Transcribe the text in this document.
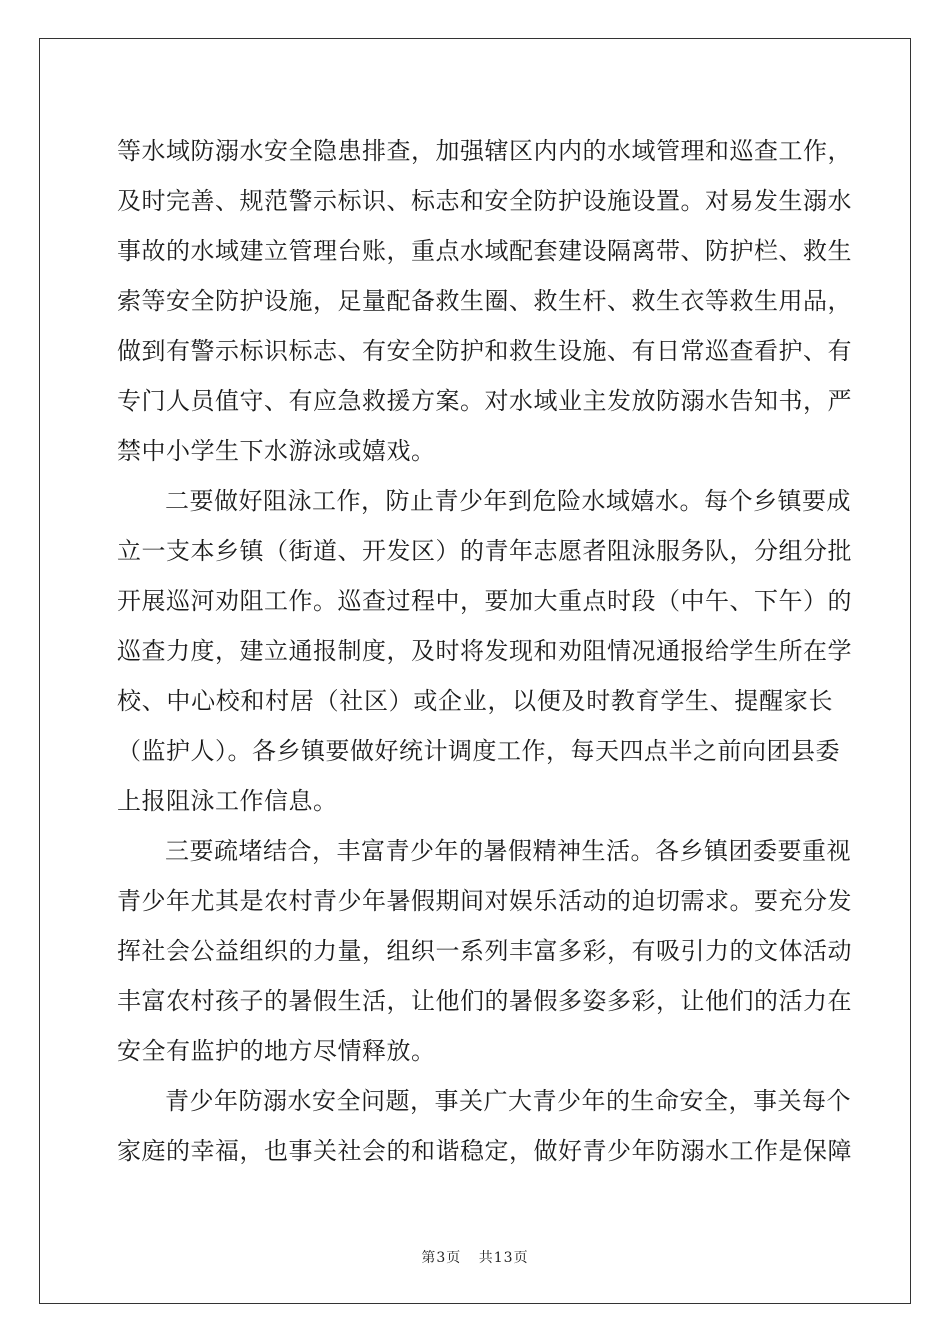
等水域防溺水安全隐患排查，加强辖区内内的水域管理和巡查工作，
及时完善、规范警示标识、标志和安全防护设施设置。对易发生溺水
事故的水域建立管理台账，重点水域配套建设隔离带、防护栏、救生
索等安全防护设施，足量配备救生圈、救生杆、救生衣等救生用品，
做到有警示标识标志、有安全防护和救生设施、有日常巡查看护、有
专门人员值守、有应急救援方案。对水域业主发放防溺水告知书，严
禁中小学生下水游泳或嬉戏。
二要做好阻泳工作，防止青少年到危险水域嬉水。每个乡镇要成
立一支本乡镇（街道、开发区）的青年志愿者阻泳服务队，分组分批
开展巡河劝阻工作。巡查过程中，要加大重点时段（中午、下午）的
巡查力度，建立通报制度，及时将发现和劝阻情况通报给学生所在学
校、中心校和村居（社区）或企业，以便及时教育学生、提醒家长
（监护人）。各乡镇要做好统计调度工作，每天四点半之前向团县委
上报阻泳工作信息。
三要疏堵结合，丰富青少年的暑假精神生活。各乡镇团委要重视
青少年尤其是农村青少年暑假期间对娱乐活动的迫切需求。要充分发
挥社会公益组织的力量，组织一系列丰富多彩，有吸引力的文体活动
丰富农村孩子的暑假生活，让他们的暑假多姿多彩，让他们的活力在
安全有监护的地方尽情释放。
青少年防溺水安全问题，事关广大青少年的生命安全，事关每个
家庭的幸福，也事关社会的和谐稳定，做好青少年防溺水工作是保障
第3页 共13页
